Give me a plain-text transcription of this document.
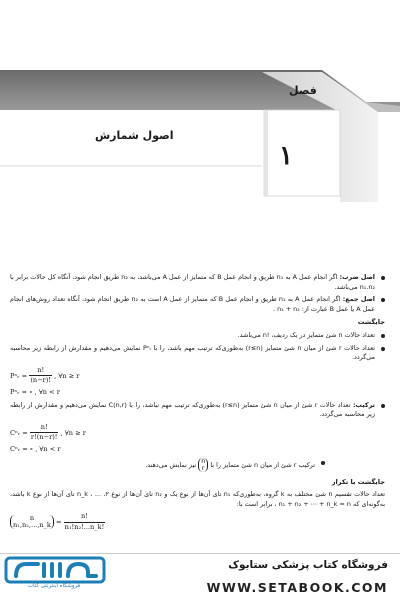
فصل
۱
اصول شمارش
اصل ضرب: اگر انجام عمل A به n₁ طریق و انجام عمل B که متمایز از عمل A می‌باشد، به n₂ طریق انجام شود، آنگاه کل حالات برابر با n₁.n₂ می‌باشد.
اصل جمع: اگر انجام عمل A به n₁ طریق و انجام عمل B که متمایز از عمل A است به n₂ طریق انجام شود، آنگاه تعداد روش‌های انجام عمل A یا عمل B عبارت از: n₁ + n₂ .
جایگشت
تعداد حالات n شئ متمایز در یک ردیف، !n می‌باشد.
تعداد حالات r شئ از میان n شئ متمایز (r≤n) به‌طوری‌که ترتیب مهم باشد، را با Pⁿᵣ نمایش می‌دهیم و مقدارش از رابطه زیر محاسبه می‌گردد.
Pⁿᵣ = $\frac{n!}{(n-r)!}$ , ∀n ≥ r
Pⁿᵣ = ∘ , ∀n < r
ترکیب: تعداد حالات r شئ از میان n شئ متمایز (r≤n) به‌طوری‌که ترتیب مهم نباشد، را با C(n,r) نمایش می‌دهیم و مقدارش از رابطه زیر محاسبه می‌گردد.
Cⁿᵣ = $\frac{n!}{r!(n-r)!}$ , ∀n ≥ r
Cⁿᵣ = ∘ , ∀n < r
ترکیب r شئ از میان n شئ متمایز را با
n
r
نیز نمایش می‌دهند.
جایگشت با تکرار
تعداد حالات تقسیم n شئ مختلف به k گروه، به‌طوری‌که n₁ تای آن‌ها از نوع یک و n₂ تای آن‌ها از نوع ۲، ... ، n_k تای آن‌ها از نوع k باشد، به‌گونه‌ای که n₁ + n₂ + ⋯ + n_k = n ، برابر است با:
n
n₁,n₂,...,n_k = $\frac{n!}{\text{n₁!n₂!...n\_k!}}$
فروشگاه اینترنتی کتاب
فروشگاه کتاب پزشکی ستابوک
WWW.SETABOOK.COM
